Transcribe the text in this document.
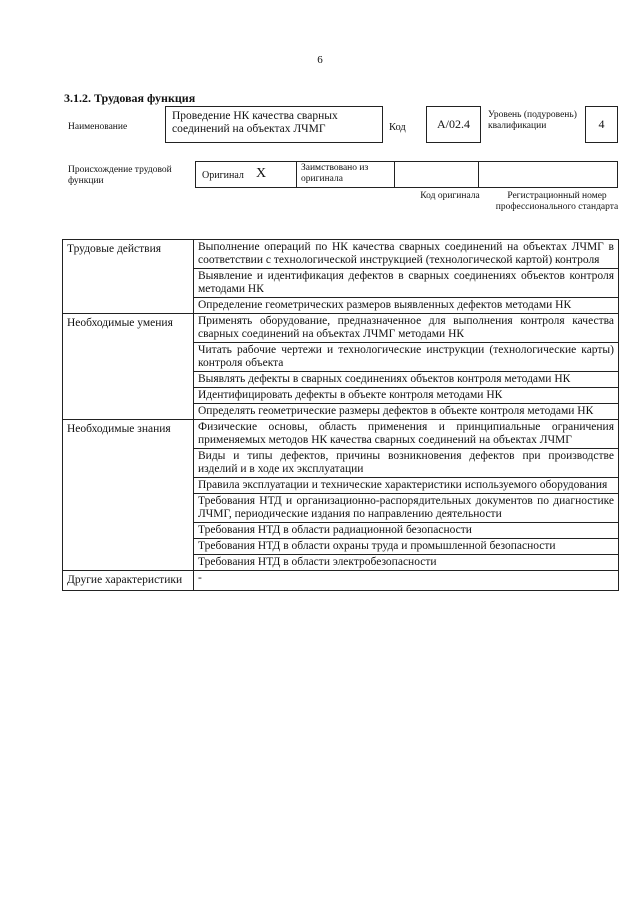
6
3.1.2. Трудовая функция
Наименование
Проведение НК качества сварных соединений на объектах ЛЧМГ	Код	А/02.4
Уровень (подуровень) квалификации	4
Происхождение трудовой функции	Оригинал X	Заимствовано из оригинала
Код оригинала	Регистрационный номер профессионального стандарта
Трудовые действия	Выполнение операций по НК качества сварных соединений на объектах ЛЧМГ в соответствии с технологической инструкцией (технологической картой) контроля
	Выявление и идентификация дефектов в сварных соединениях объектов контроля методами НК
	Определение геометрических размеров выявленных дефектов методами НК
Необходимые умения	Применять оборудование, предназначенное для выполнения контроля качества сварных соединений на объектах ЛЧМГ методами НК
	Читать рабочие чертежи и технологические инструкции (технологические карты) контроля объекта
	Выявлять дефекты в сварных соединениях объектов контроля методами НК
	Идентифицировать дефекты в объекте контроля методами НК
	Определять геометрические размеры дефектов в объекте контроля методами НК
Необходимые знания	Физические основы, область применения и принципиальные ограничения применяемых методов НК качества сварных соединений на объектах ЛЧМГ
	Виды и типы дефектов, причины возникновения дефектов при производстве изделий и в ходе их эксплуатации
	Правила эксплуатации и технические характеристики используемого оборудования
	Требования НТД и организационно-распорядительных документов по диагностике ЛЧМГ, периодические издания по направлению деятельности
	Требования НТД в области радиационной безопасности
	Требования НТД в области охраны труда и промышленной безопасности
	Требования НТД в области электробезопасности
Другие характеристики	-
